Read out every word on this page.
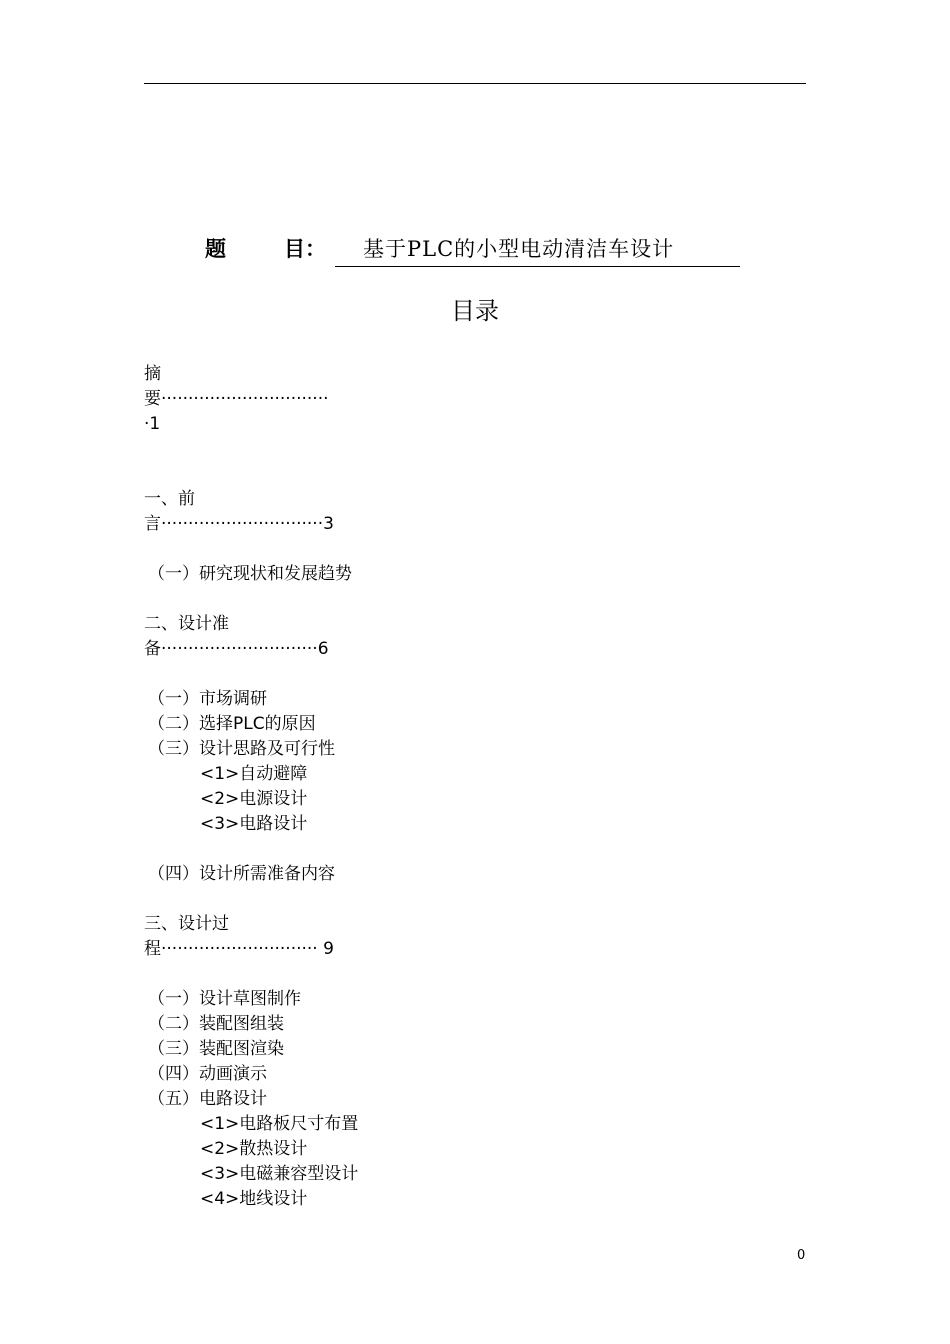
题	目：	基于PLC的小型电动清洁车设计
目录
摘
要·······························
·1
一、前
言······························3
（一）研究现状和发展趋势
二、设计准
备·····························6
（一）市场调研
（二）选择PLC的原因
（三）设计思路及可行性
<1>自动避障
<2>电源设计
<3>电路设计
（四）设计所需准备内容
三、设计过
程····························· 9
（一）设计草图制作
（二）装配图组装
（三）装配图渲染
（四）动画演示
（五）电路设计
<1>电路板尺寸布置
<2>散热设计
<3>电磁兼容型设计
<4>地线设计
0
